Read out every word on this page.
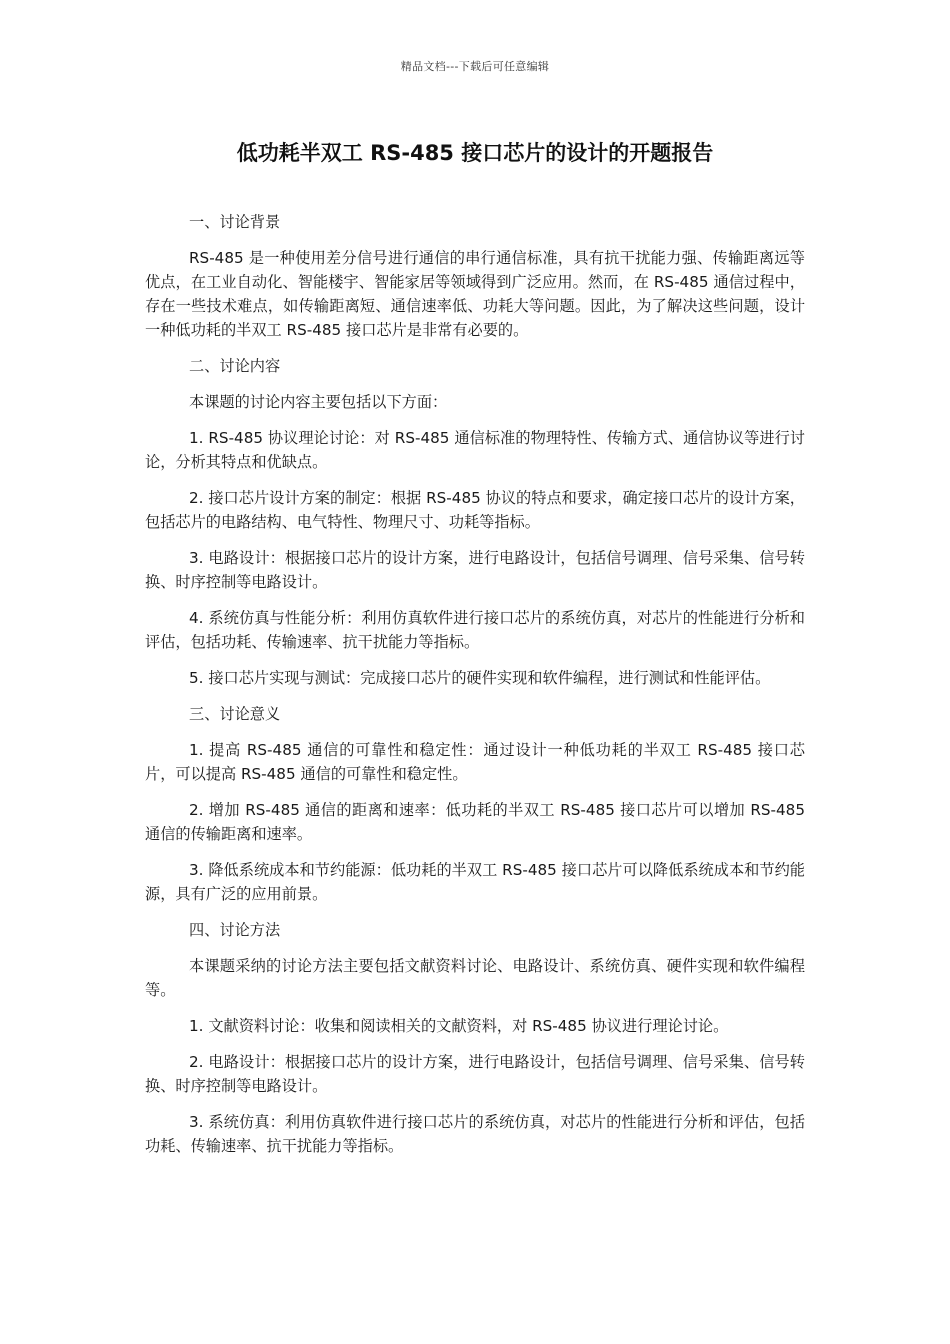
精品文档---下载后可任意编辑
低功耗半双工 RS-485 接口芯片的设计的开题报告

一、讨论背景

RS-485 是一种使用差分信号进行通信的串行通信标准，具有抗干扰能力强、传输距离远等优点，在工业自动化、智能楼宇、智能家居等领域得到广泛应用。然而，在 RS-485 通信过程中，存在一些技术难点，如传输距离短、通信速率低、功耗大等问题。因此，为了解决这些问题，设计一种低功耗的半双工 RS-485 接口芯片是非常有必要的。

二、讨论内容

本课题的讨论内容主要包括以下方面：

1. RS-485 协议理论讨论：对 RS-485 通信标准的物理特性、传输方式、通信协议等进行讨论，分析其特点和优缺点。

2. 接口芯片设计方案的制定：根据 RS-485 协议的特点和要求，确定接口芯片的设计方案，包括芯片的电路结构、电气特性、物理尺寸、功耗等指标。

3. 电路设计：根据接口芯片的设计方案，进行电路设计，包括信号调理、信号采集、信号转换、时序控制等电路设计。

4. 系统仿真与性能分析：利用仿真软件进行接口芯片的系统仿真，对芯片的性能进行分析和评估，包括功耗、传输速率、抗干扰能力等指标。

5. 接口芯片实现与测试：完成接口芯片的硬件实现和软件编程，进行测试和性能评估。

三、讨论意义

1. 提高 RS-485 通信的可靠性和稳定性：通过设计一种低功耗的半双工 RS-485 接口芯片，可以提高 RS-485 通信的可靠性和稳定性。

2. 增加 RS-485 通信的距离和速率：低功耗的半双工 RS-485 接口芯片可以增加 RS-485 通信的传输距离和速率。

3. 降低系统成本和节约能源：低功耗的半双工 RS-485 接口芯片可以降低系统成本和节约能源，具有广泛的应用前景。

四、讨论方法

本课题采纳的讨论方法主要包括文献资料讨论、电路设计、系统仿真、硬件实现和软件编程等。

1. 文献资料讨论：收集和阅读相关的文献资料，对 RS-485 协议进行理论讨论。

2. 电路设计：根据接口芯片的设计方案，进行电路设计，包括信号调理、信号采集、信号转换、时序控制等电路设计。

3. 系统仿真：利用仿真软件进行接口芯片的系统仿真，对芯片的性能进行分析和评估，包括功耗、传输速率、抗干扰能力等指标。
